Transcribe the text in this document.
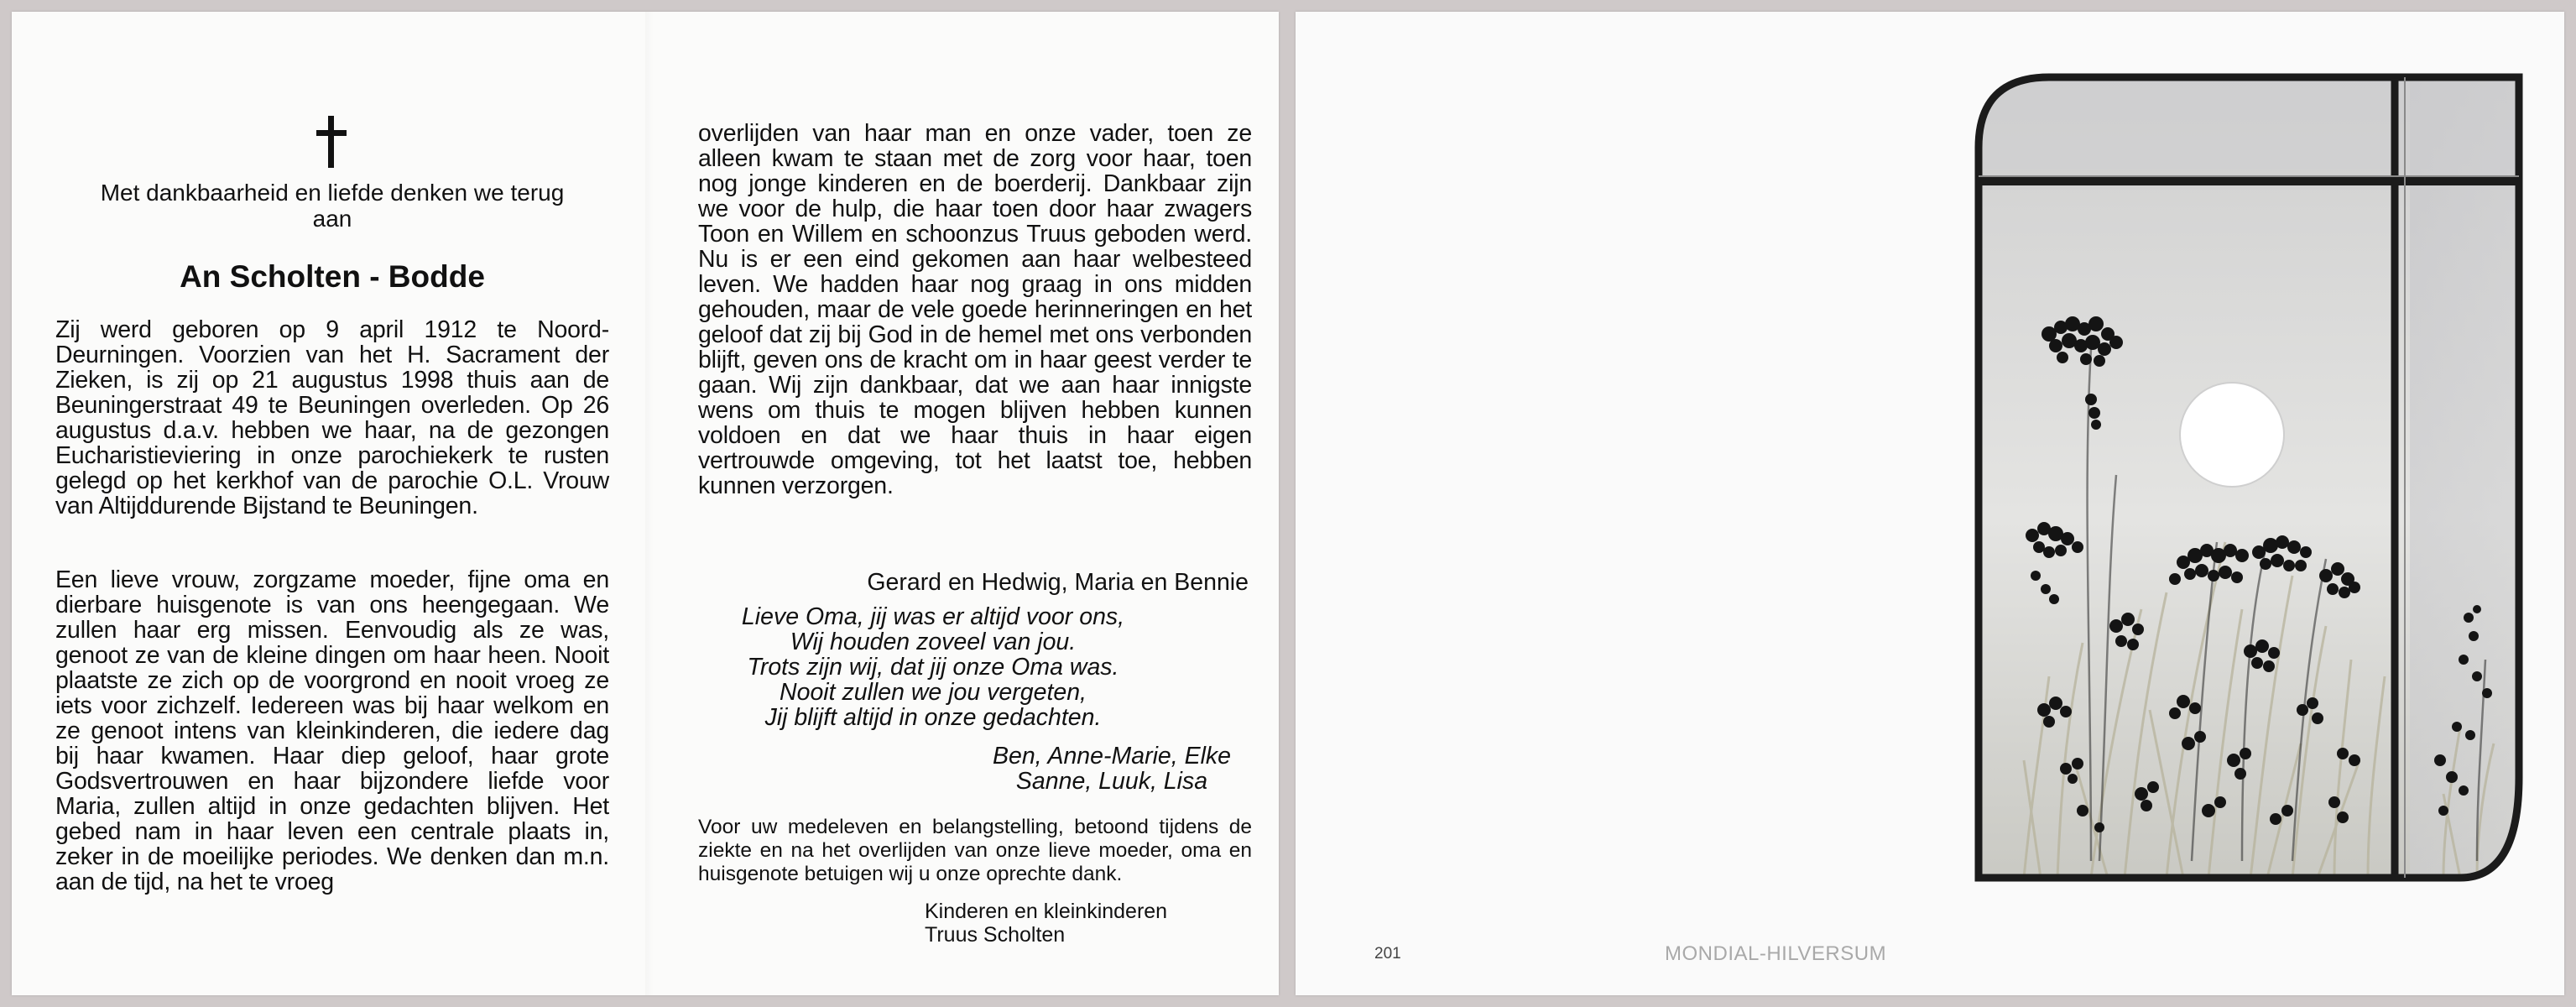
Met dankbaarheid en liefde denken we terug
aan
An Scholten - Bodde

Zij werd geboren op 9 april 1912 te Noord-Deurningen. Voorzien van het H. Sacrament der Zieken, is zij op 21 augustus 1998 thuis aan de Beuningerstraat 49 te Beuningen overleden. Op 26 augustus d.a.v. hebben we haar, na de gezongen Eucharistieviering in onze parochiekerk te rusten gelegd op het kerkhof van de parochie O.L. Vrouw van Altijddurende Bijstand te Beuningen.

Een lieve vrouw, zorgzame moeder, fijne oma en dierbare huisgenote is van ons heengegaan. We zullen haar erg missen. Eenvoudig als ze was, genoot ze van de kleine dingen om haar heen. Nooit plaatste ze zich op de voorgrond en nooit vroeg ze iets voor zichzelf. Iedereen was bij haar welkom en ze genoot intens van kleinkinderen, die iedere dag bij haar kwamen. Haar diep geloof, haar grote Godsvertrouwen en haar bijzondere liefde voor Maria, zullen altijd in onze gedachten blijven. Het gebed nam in haar leven een centrale plaats in, zeker in de moeilijke periodes. We denken dan m.n. aan de tijd, na het te vroeg

overlijden van haar man en onze vader, toen ze alleen kwam te staan met de zorg voor haar, toen nog jonge kinderen en de boerderij. Dankbaar zijn we voor de hulp, die haar toen door haar zwagers Toon en Willem en schoonzus Truus geboden werd. Nu is er een eind gekomen aan haar welbesteed leven. We hadden haar nog graag in ons midden gehouden, maar de vele goede herinneringen en het geloof dat zij bij God in de hemel met ons verbonden blijft, geven ons de kracht om in haar geest verder te gaan. Wij zijn dankbaar, dat we aan haar innigste wens om thuis te mogen blijven hebben kunnen voldoen en dat we haar thuis in haar eigen vertrouwde omgeving, tot het laatst toe, hebben kunnen verzorgen.

Gerard en Hedwig, Maria en Bennie
Lieve Oma, jij was er altijd voor ons,
Wij houden zoveel van jou.
Trots zijn wij, dat jij onze Oma was.
Nooit zullen we jou vergeten,
Jij blijft altijd in onze gedachten.
Ben, Anne-Marie, Elke
Sanne, Luuk, Lisa
Voor uw medeleven en belangstelling, betoond tijdens de ziekte en na het overlijden van onze lieve moeder, oma en huisgenote betuigen wij u onze oprechte dank.
Kinderen en kleinkinderen
Truus Scholten
201	MONDIAL-HILVERSUM
